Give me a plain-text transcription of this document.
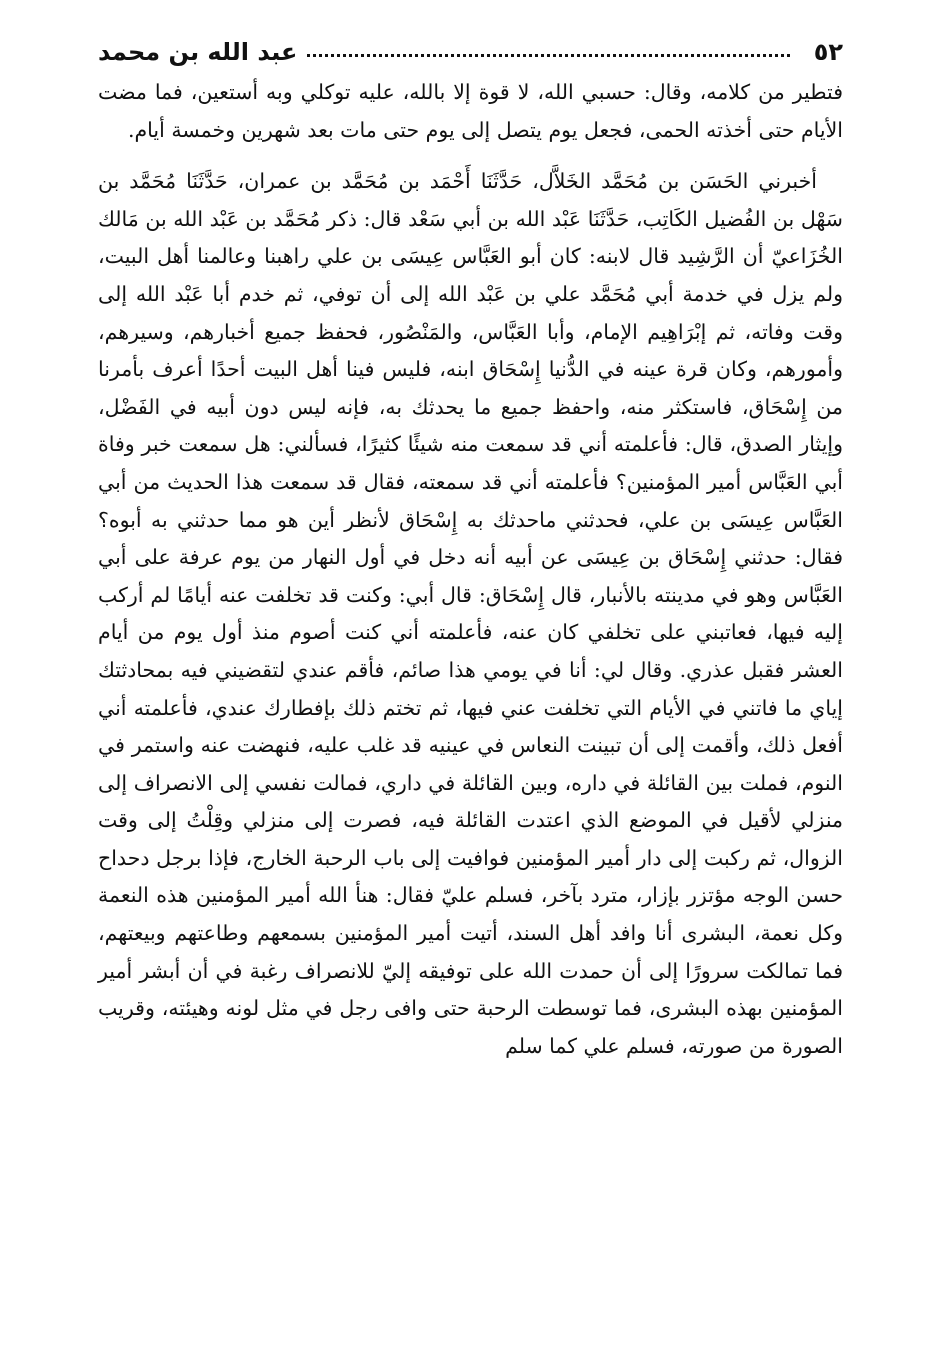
٥٢
عبد الله بن محمد

فتطير من كلامه، وقال: حسبي الله، لا قوة إلا بالله، عليه توكلي وبه أستعين، فما مضت الأيام حتى أخذته الحمى، فجعل يوم يتصل إلى يوم حتى مات بعد شهرين وخمسة أيام.

أخبرني الحَسَن بن مُحَمَّد الخَلاَّل، حَدَّثَنَا أَحْمَد بن مُحَمَّد بن عمران، حَدَّثَنَا مُحَمَّد بن سَهْل بن الفُضيل الكَاتِب، حَدَّثَنَا عَبْد الله بن أبي سَعْد قال: ذكر مُحَمَّد بن عَبْد الله بن مَالك الخُزَاعيّ أن الرَّشِيد قال لابنه: كان أبو العَبَّاس عِيسَى بن علي راهبنا وعالمنا أهل البيت، ولم يزل في خدمة أبي مُحَمَّد علي بن عَبْد الله إلى أن توفي، ثم خدم أبا عَبْد الله إلى وقت وفاته، ثم إبْرَاهِيم الإمام، وأبا العَبَّاس، والمَنْصُور، فحفظ جميع أخبارهم، وسيرهم، وأمورهم، وكان قرة عينه في الدُّنيا إِسْحَاق ابنه، فليس فينا أهل البيت أحدًا أعرف بأمرنا من إِسْحَاق، فاستكثر منه، واحفظ جميع ما يحدثك به، فإنه ليس دون أبيه في الفَضْل، وإيثار الصدق، قال: فأعلمته أني قد سمعت منه شيئًا كثيرًا، فسألني: هل سمعت خبر وفاة أبي العَبَّاس أمير المؤمنين؟ فأعلمته أني قد سمعته، فقال قد سمعت هذا الحديث من أبي العَبَّاس عِيسَى بن علي، فحدثني ماحدثك به إِسْحَاق لأنظر أين هو مما حدثني به أبوه؟ فقال: حدثني إِسْحَاق بن عِيسَى عن أبيه أنه دخل في أول النهار من يوم عرفة على أبي العَبَّاس وهو في مدينته بالأنبار، قال إِسْحَاق: قال أبي: وكنت قد تخلفت عنه أيامًا لم أركب إليه فيها، فعاتبني على تخلفي كان عنه، فأعلمته أني كنت أصوم منذ أول يوم من أيام العشر فقبل عذري. وقال لي: أنا في يومي هذا صائم، فأقم عندي لتقضيني فيه بمحادثتك إياي ما فاتني في الأيام التي تخلفت عني فيها، ثم تختم ذلك بإفطارك عندي، فأعلمته أني أفعل ذلك، وأقمت إلى أن تبينت النعاس في عينيه قد غلب عليه، فنهضت عنه واستمر في النوم، فملت بين القائلة في داره، وبين القائلة في داري، فمالت نفسي إلى الانصراف إلى منزلي لأقيل في الموضع الذي اعتدت القائلة فيه، فصرت إلى منزلي وقِلْتُ إلى وقت الزوال، ثم ركبت إلى دار أمير المؤمنين فوافيت إلى باب الرحبة الخارج، فإذا برجل دحداح حسن الوجه مؤتزر بإزار، مترد بآخر، فسلم عليّ فقال: هنأ الله أمير المؤمنين هذه النعمة وكل نعمة، البشرى أنا وافد أهل السند، أتيت أمير المؤمنين بسمعهم وطاعتهم وبيعتهم، فما تمالكت سرورًا إلى أن حمدت الله على توفيقه إليّ للانصراف رغبة في أن أبشر أمير المؤمنين بهذه البشرى، فما توسطت الرحبة حتى وافى رجل في مثل لونه وهيئته، وقريب الصورة من صورته، فسلم علي كما سلم
